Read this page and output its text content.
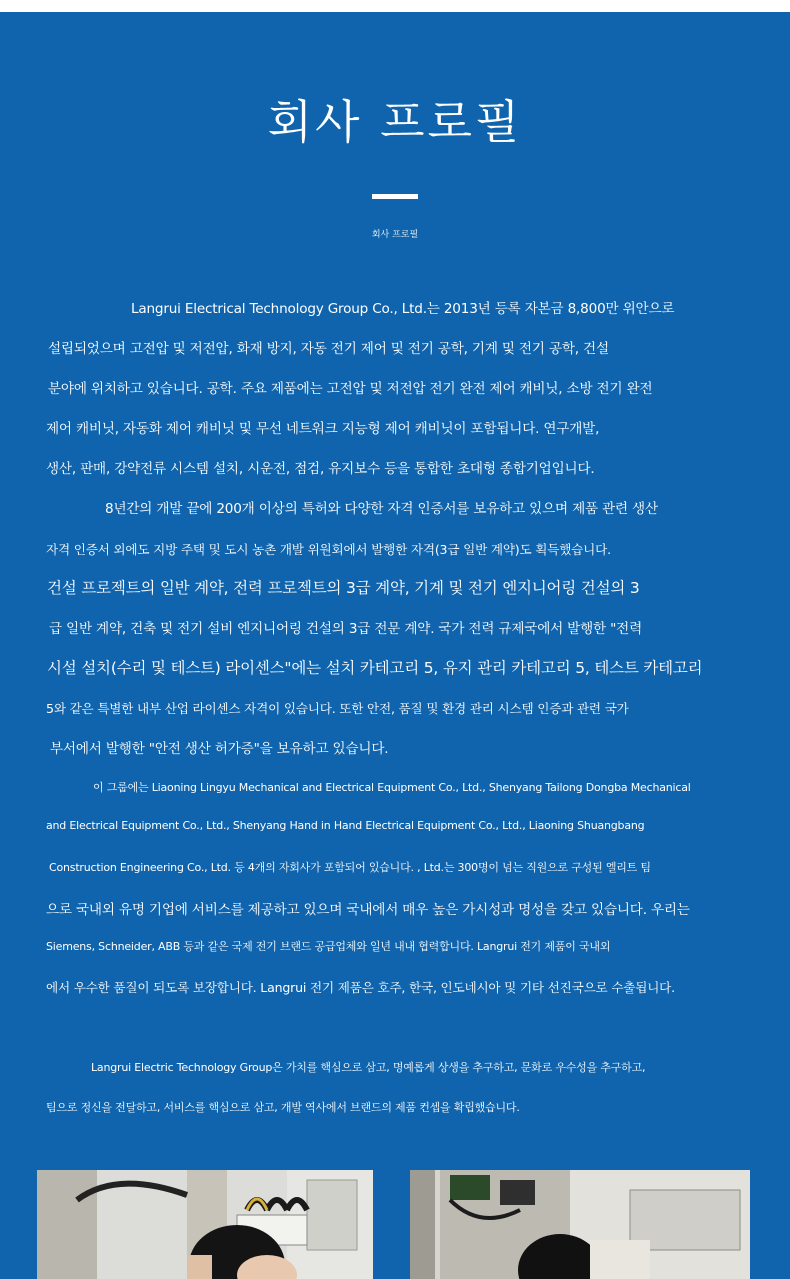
회사 프로필
회사 프로필

Langrui Electrical Technology Group Co., Ltd.는 2013년 등록 자본금 8,800만 위안으로

설립되었으며 고전압 및 저전압, 화재 방지, 자동 전기 제어 및 전기 공학, 기계 및 전기 공학, 건설

분야에 위치하고 있습니다. 공학. 주요 제품에는 고전압 및 저전압 전기 완전 제어 캐비닛, 소방 전기 완전

제어 캐비닛, 자동화 제어 캐비닛 및 무선 네트워크 지능형 제어 캐비닛이 포함됩니다. 연구개발,

생산, 판매, 강약전류 시스템 설치, 시운전, 점검, 유지보수 등을 통합한 초대형 종합기업입니다.

8년간의 개발 끝에 200개 이상의 특허와 다양한 자격 인증서를 보유하고 있으며 제품 관련 생산

자격 인증서 외에도 지방 주택 및 도시 농촌 개발 위원회에서 발행한 자격(3급 일반 계약)도 획득했습니다.

건설 프로젝트의 일반 계약, 전력 프로젝트의 3급 계약, 기계 및 전기 엔지니어링 건설의 3

급 일반 계약, 건축 및 전기 설비 엔지니어링 건설의 3급 전문 계약. 국가 전력 규제국에서 발행한 "전력

시설 설치(수리 및 테스트) 라이센스"에는 설치 카테고리 5, 유지 관리 카테고리 5, 테스트 카테고리

5와 같은 특별한 내부 산업 라이센스 자격이 있습니다. 또한 안전, 품질 및 환경 관리 시스템 인증과 관련 국가

부서에서 발행한 "안전 생산 허가증"을 보유하고 있습니다.

이 그룹에는 Liaoning Lingyu Mechanical and Electrical Equipment Co., Ltd., Shenyang Tailong Dongba Mechanical

and Electrical Equipment Co., Ltd., Shenyang Hand in Hand Electrical Equipment Co., Ltd., Liaoning Shuangbang

Construction Engineering Co., Ltd. 등 4개의 자회사가 포함되어 있습니다. , Ltd.는 300명이 넘는 직원으로 구성된 엘리트 팀

으로 국내외 유명 기업에 서비스를 제공하고 있으며 국내에서 매우 높은 가시성과 명성을 갖고 있습니다. 우리는

Siemens, Schneider, ABB 등과 같은 국제 전기 브랜드 공급업체와 일년 내내 협력합니다. Langrui 전기 제품이 국내외

에서 우수한 품질이 되도록 보장합니다. Langrui 전기 제품은 호주, 한국, 인도네시아 및 기타 선진국으로 수출됩니다.

Langrui Electric Technology Group은 가치를 핵심으로 삼고, 명예롭게 상생을 추구하고, 문화로 우수성을 추구하고,

팀으로 정신을 전달하고, 서비스를 핵심으로 삼고, 개발 역사에서 브랜드의 제품 컨셉을 확립했습니다.
